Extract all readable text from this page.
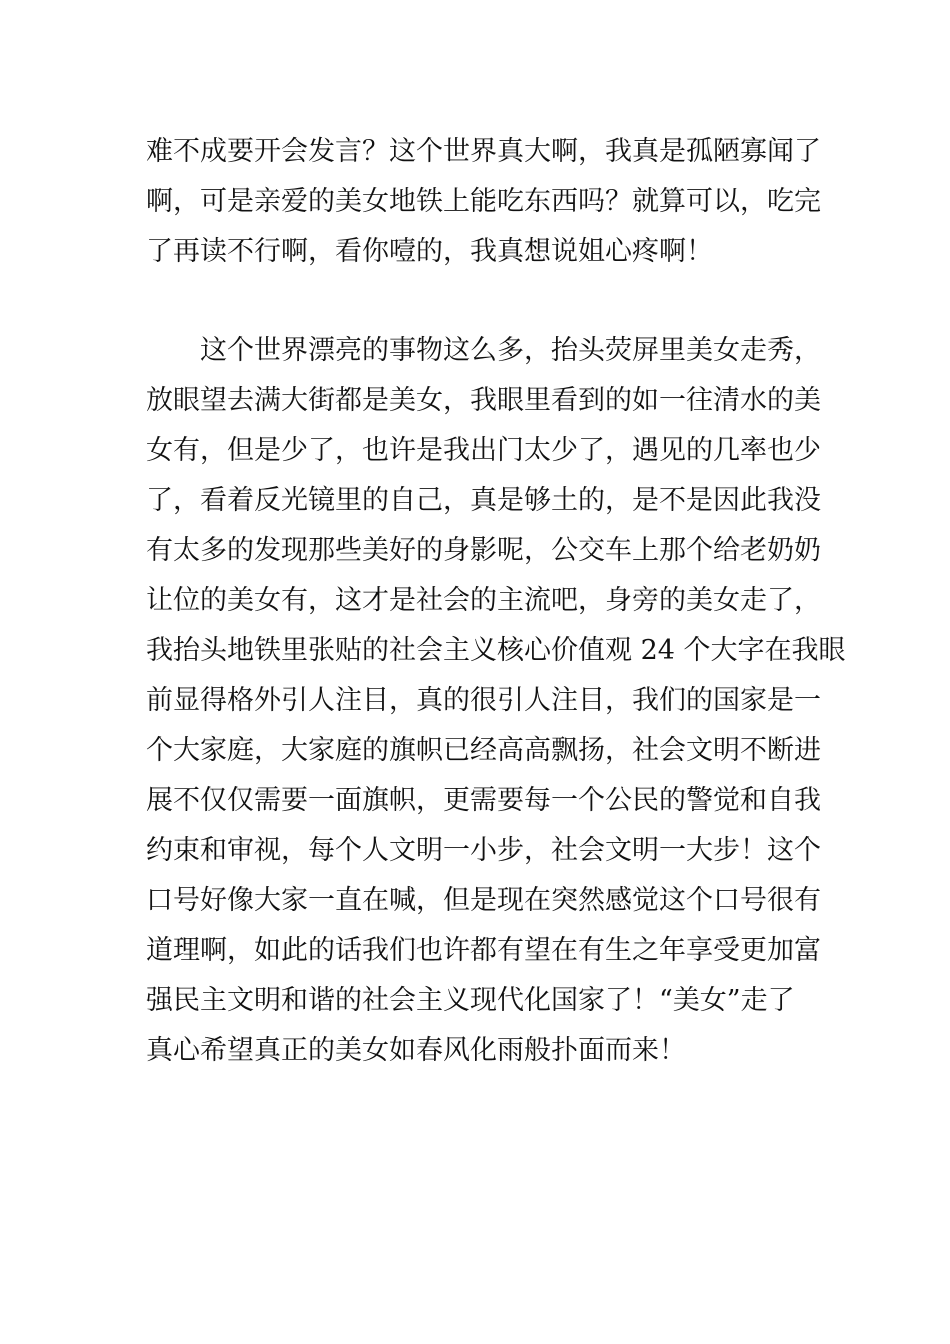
难不成要开会发言？这个世界真大啊，我真是孤陋寡闻了
啊，可是亲爱的美女地铁上能吃东西吗？就算可以，吃完
了再读不行啊，看你噎的，我真想说姐心疼啊！
　　这个世界漂亮的事物这么多，抬头荧屏里美女走秀，
放眼望去满大街都是美女，我眼里看到的如一往清水的美
女有，但是少了，也许是我出门太少了，遇见的几率也少
了，看着反光镜里的自己，真是够土的，是不是因此我没
有太多的发现那些美好的身影呢，公交车上那个给老奶奶
让位的美女有，这才是社会的主流吧，身旁的美女走了，
我抬头地铁里张贴的社会主义核心价值观 24 个大字在我眼
前显得格外引人注目，真的很引人注目，我们的国家是一
个大家庭，大家庭的旗帜已经高高飘扬，社会文明不断进
展不仅仅需要一面旗帜，更需要每一个公民的警觉和自我
约束和审视，每个人文明一小步，社会文明一大步！这个
口号好像大家一直在喊，但是现在突然感觉这个口号很有
道理啊，如此的话我们也许都有望在有生之年享受更加富
强民主文明和谐的社会主义现代化国家了！“美女”走了
真心希望真正的美女如春风化雨般扑面而来！
